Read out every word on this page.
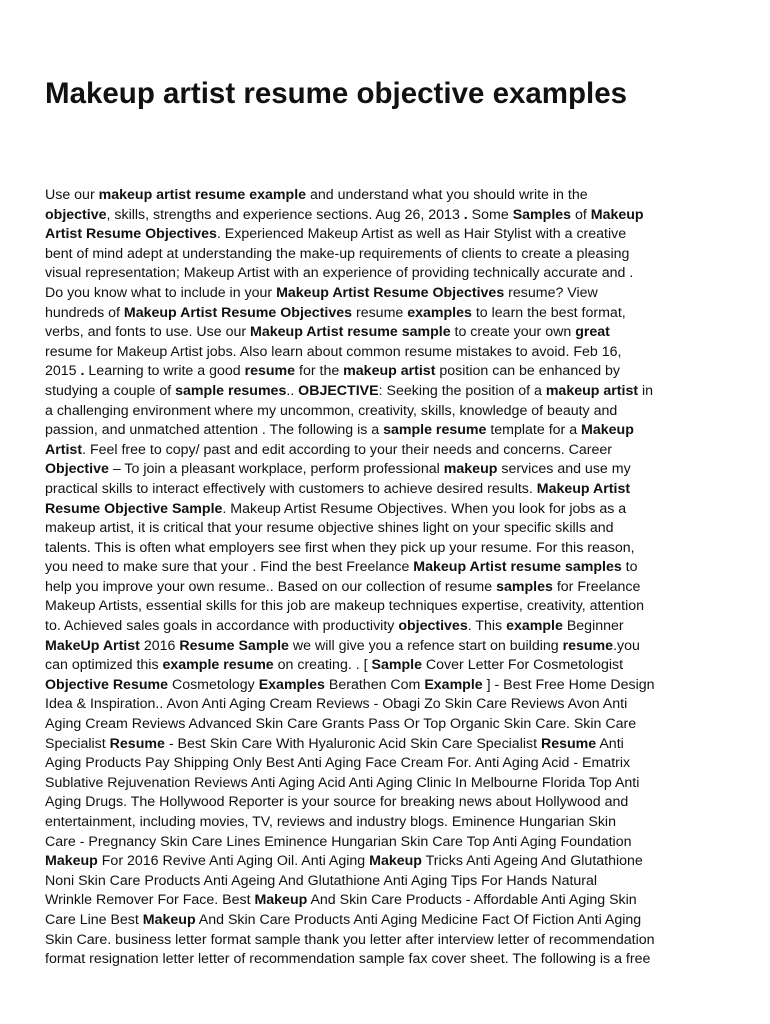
Makeup artist resume objective examples
Use our makeup artist resume example and understand what you should write in the
objective, skills, strengths and experience sections. Aug 26, 2013 . Some Samples of Makeup
Artist Resume Objectives. Experienced Makeup Artist as well as Hair Stylist with a creative
bent of mind adept at understanding the make-up requirements of clients to create a pleasing
visual representation; Makeup Artist with an experience of providing technically accurate and .
Do you know what to include in your Makeup Artist Resume Objectives resume? View
hundreds of Makeup Artist Resume Objectives resume examples to learn the best format,
verbs, and fonts to use. Use our Makeup Artist resume sample to create your own great
resume for Makeup Artist jobs. Also learn about common resume mistakes to avoid. Feb 16,
2015 . Learning to write a good resume for the makeup artist position can be enhanced by
studying a couple of sample resumes.. OBJECTIVE: Seeking the position of a makeup artist in
a challenging environment where my uncommon, creativity, skills, knowledge of beauty and
passion, and unmatched attention . The following is a sample resume template for a Makeup
Artist. Feel free to copy/ past and edit according to your their needs and concerns. Career
Objective – To join a pleasant workplace, perform professional makeup services and use my
practical skills to interact effectively with customers to achieve desired results. Makeup Artist
Resume Objective Sample. Makeup Artist Resume Objectives. When you look for jobs as a
makeup artist, it is critical that your resume objective shines light on your specific skills and
talents. This is often what employers see first when they pick up your resume. For this reason,
you need to make sure that your . Find the best Freelance Makeup Artist resume samples to
help you improve your own resume.. Based on our collection of resume samples for Freelance
Makeup Artists, essential skills for this job are makeup techniques expertise, creativity, attention
to. Achieved sales goals in accordance with productivity objectives. This example Beginner
MakeUp Artist 2016 Resume Sample we will give you a refence start on building resume.you
can optimized this example resume on creating. . [ Sample Cover Letter For Cosmetologist
Objective Resume Cosmetology Examples Berathen Com Example ] - Best Free Home Design
Idea & Inspiration.. Avon Anti Aging Cream Reviews - Obagi Zo Skin Care Reviews Avon Anti
Aging Cream Reviews Advanced Skin Care Grants Pass Or Top Organic Skin Care. Skin Care
Specialist Resume - Best Skin Care With Hyaluronic Acid Skin Care Specialist Resume Anti
Aging Products Pay Shipping Only Best Anti Aging Face Cream For. Anti Aging Acid - Ematrix
Sublative Rejuvenation Reviews Anti Aging Acid Anti Aging Clinic In Melbourne Florida Top Anti
Aging Drugs. The Hollywood Reporter is your source for breaking news about Hollywood and
entertainment, including movies, TV, reviews and industry blogs. Eminence Hungarian Skin
Care - Pregnancy Skin Care Lines Eminence Hungarian Skin Care Top Anti Aging Foundation
Makeup For 2016 Revive Anti Aging Oil. Anti Aging Makeup Tricks Anti Ageing And Glutathione
Noni Skin Care Products Anti Ageing And Glutathione Anti Aging Tips For Hands Natural
Wrinkle Remover For Face. Best Makeup And Skin Care Products - Affordable Anti Aging Skin
Care Line Best Makeup And Skin Care Products Anti Aging Medicine Fact Of Fiction Anti Aging
Skin Care. business letter format sample thank you letter after interview letter of recommendation
format resignation letter letter of recommendation sample fax cover sheet. The following is a free
